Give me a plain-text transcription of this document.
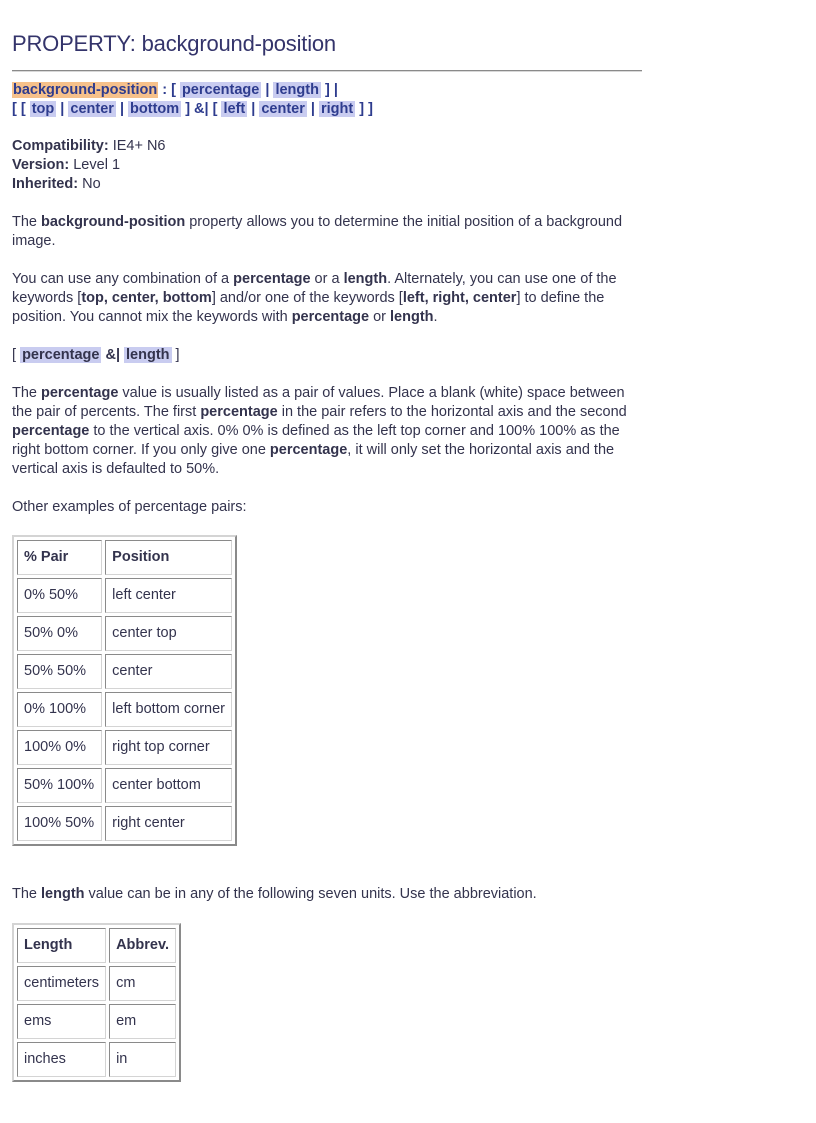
PROPERTY: background-position
background-position : [ percentage | length ] |
[ [ top | center | bottom ] &| [ left | center | right ] ]
Compatibility: IE4+ N6
Version: Level 1
Inherited: No

The background-position property allows you to determine the initial position of a background image.

You can use any combination of a percentage or a length. Alternately, you can use one of the keywords [top, center, bottom] and/or one of the keywords [left, right, center] to define the position. You cannot mix the keywords with percentage or length.

[ percentage &| length ]

The percentage value is usually listed as a pair of values. Place a blank (white) space between the pair of percents. The first percentage in the pair refers to the horizontal axis and the second percentage to the vertical axis. 0% 0% is defined as the left top corner and 100% 100% as the right bottom corner. If you only give one percentage, it will only set the horizontal axis and the vertical axis is defaulted to 50%.

Other examples of percentage pairs:

% Pair	Position
0% 50%	left center
50% 0%	center top
50% 50%	center
0% 100%	left bottom corner
100% 0%	right top corner
50% 100%	center bottom
100% 50%	right center

The length value can be in any of the following seven units. Use the abbreviation.

Length	Abbrev.
centimeters	cm
ems	em
inches	in
